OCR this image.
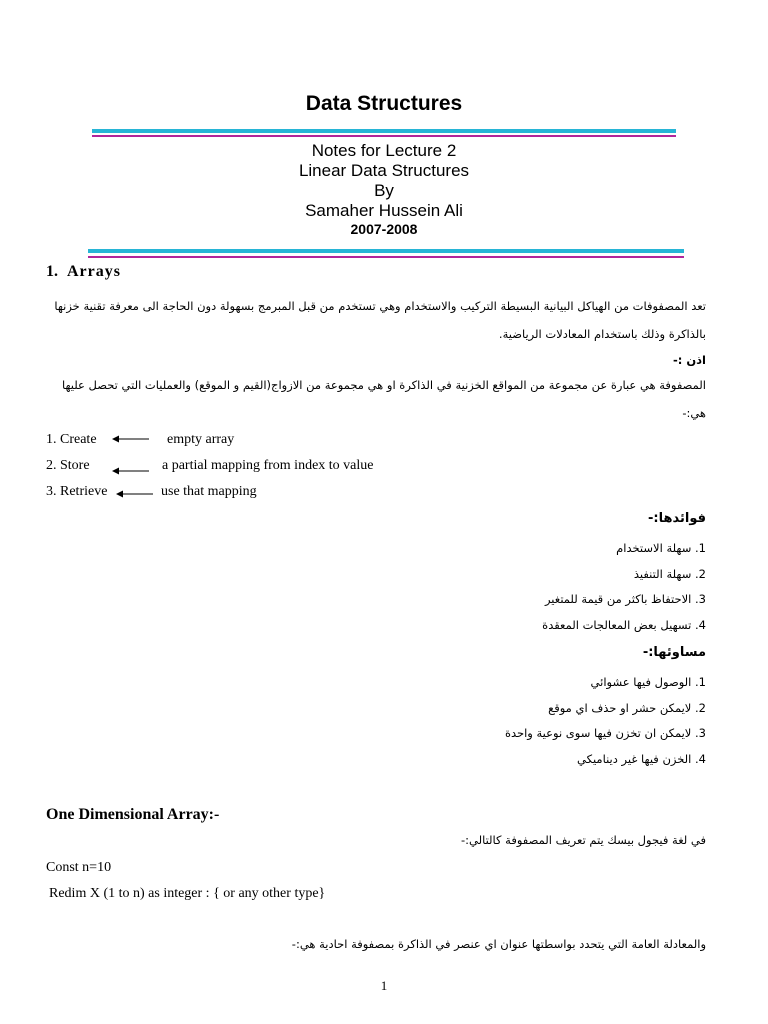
Data Structures
Notes for Lecture 2
Linear Data Structures
By
Samaher Hussein Ali
2007-2008
1. Arrays
تعد المصفوفات من الهياكل البيانية البسيطة التركيب والاستخدام وهي تستخدم من قبل المبرمج بسهولة دون الحاجة الى معرفة تقنية خزنها
بالذاكرة وذلك باستخدام المعادلات الرياضية.
اذن :-
المصفوفة هي عبارة عن مجموعة من المواقع الخزنية في الذاكرة او هي مجموعة من الازواج(القيم و الموقع) والعمليات التي تحصل عليها
هي:-
1. Create	empty array
2. Store	a partial mapping from index to value
3. Retrieve	use that mapping
فوائدها:-
1. سهلة الاستخدام
2. سهلة التنفيذ
3. الاحتفاظ باكثر من قيمة للمتغير
4. تسهيل بعض المعالجات المعقدة
مساوئها:-
1. الوصول فيها عشوائي
2. لايمكن حشر او حذف اي موقع
3. لايمكن ان تخزن فيها سوى نوعية واحدة
4. الخزن فيها غير ديناميكي
One Dimensional Array:-
في لغة فيجول بيسك يتم تعريف المصفوفة كالتالي:-
Const n=10
Redim X (1 to n) as integer : { or any other type}
والمعادلة العامة التي يتحدد بواسطتها عنوان اي عنصر في الذاكرة بمصفوفة احادية هي:-
1
